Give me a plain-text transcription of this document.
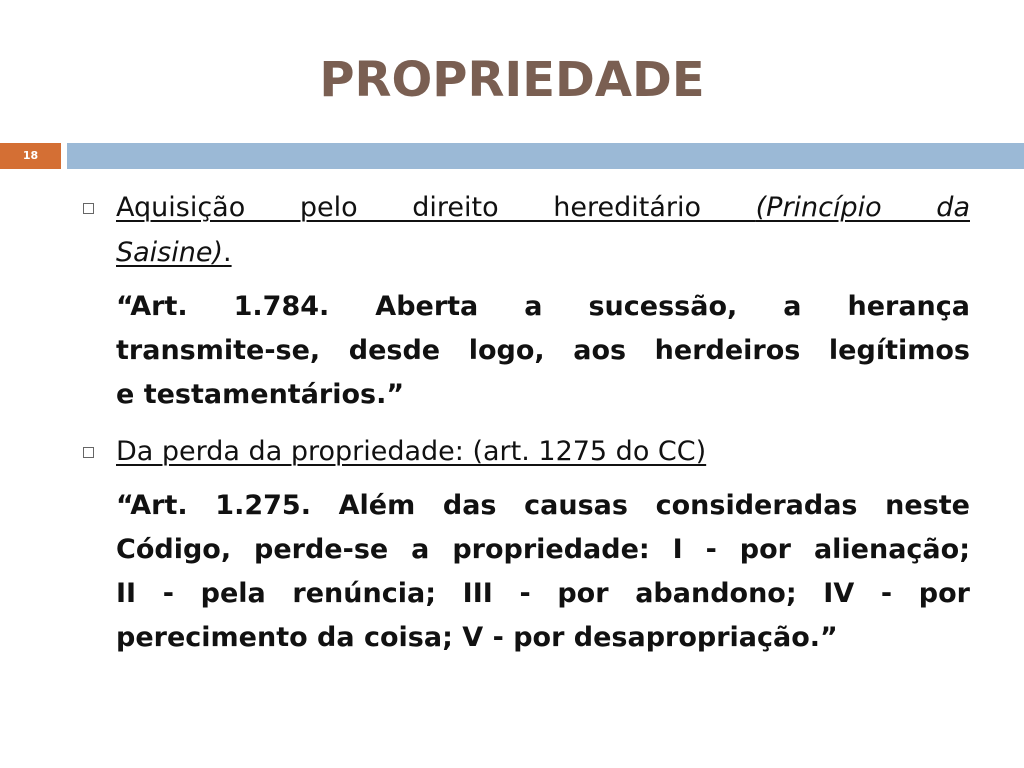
PROPRIEDADE
18
Aquisição pelo direito hereditário (Princípio da
Saisine).
“Art. 1.784. Aberta a sucessão, a herança
transmite-se, desde logo, aos herdeiros legítimos
e testamentários.”
Da perda da propriedade: (art. 1275 do CC)
“Art. 1.275. Além das causas consideradas neste
Código, perde-se a propriedade: I - por alienação;
II - pela renúncia; III - por abandono; IV - por
perecimento da coisa; V - por desapropriação.”
